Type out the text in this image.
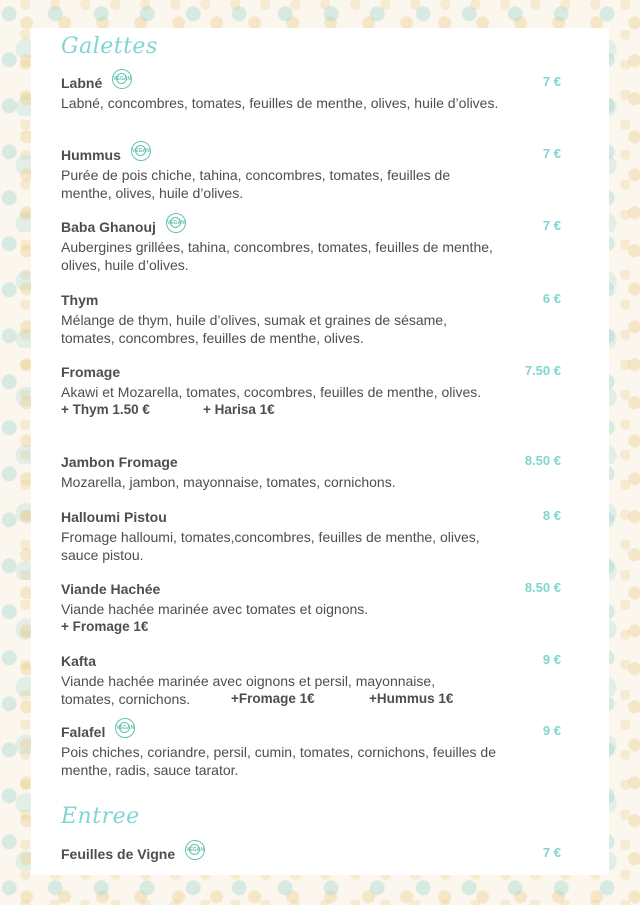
Galettes
Labné VEGAN	7 €
Labné, concombres, tomates, feuilles de menthe, olives, huile d’olives.
Hummus VEGAN	7 €
Purée de pois chiche, tahina, concombres, tomates, feuilles de menthe, olives, huile d’olives.
Baba Ghanouj VEGAN	7 €
Aubergines grillées, tahina, concombres, tomates, feuilles de menthe, olives, huile d’olives.
Thym	6 €
Mélange de thym, huile d’olives, sumak et graines de sésame, tomates, concombres, feuilles de menthe, olives.
Fromage	7.50 €
Akawi et Mozarella, tomates, cocombres, feuilles de menthe, olives.
+ Thym 1.50 €	+ Harisa 1€
Jambon Fromage	8.50 €
Mozarella, jambon, mayonnaise, tomates, cornichons.
Halloumi Pistou	8 €
Fromage halloumi, tomates,concombres, feuilles de menthe, olives, sauce pistou.
Viande Hachée	8.50 €
Viande hachée marinée avec tomates et oignons.
+ Fromage 1€
Kafta	9 €
Viande hachée marinée avec oignons et persil, mayonnaise,
tomates, cornichons.	+Fromage 1€	+Hummus 1€
Falafel VEGAN	9 €
Pois chiches, coriandre, persil, cumin, tomates, cornichons, feuilles de menthe, radis, sauce tarator.
Entree
Feuilles de Vigne VEGAN	7 €
